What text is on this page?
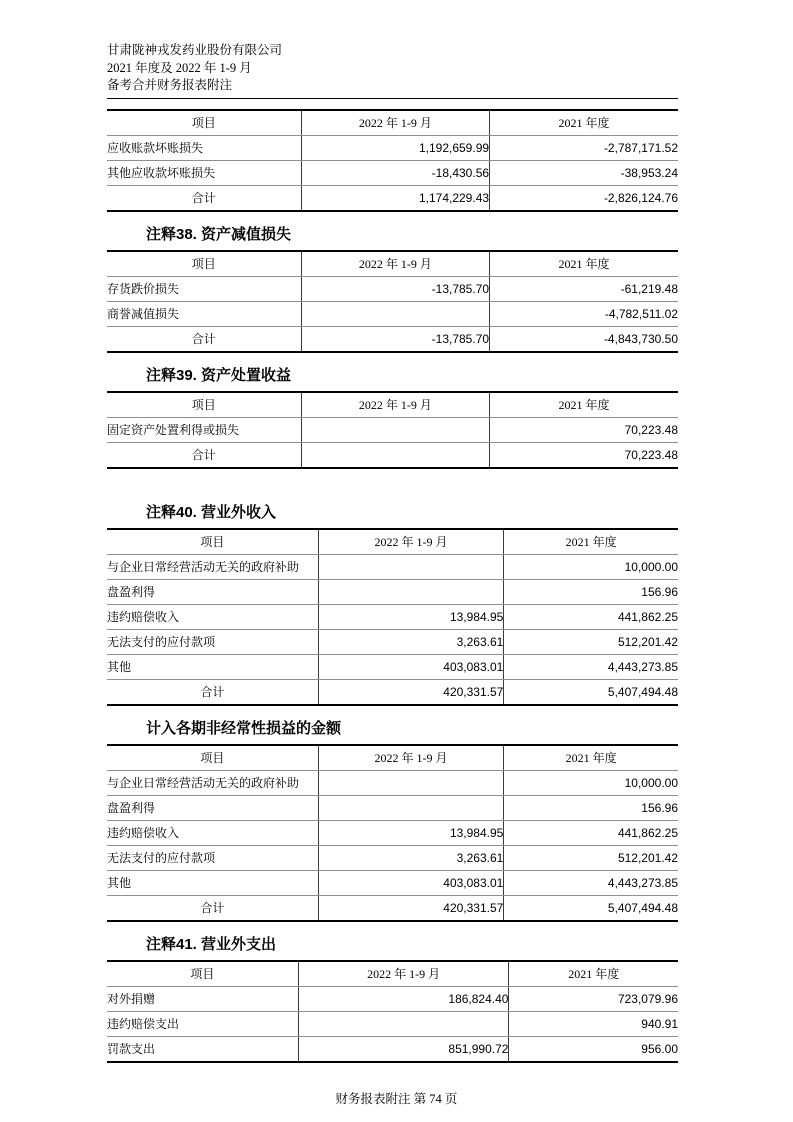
甘肃陇神戎发药业股份有限公司
2021 年度及 2022 年 1-9 月
备考合并财务报表附注
项目	2022 年 1-9 月	2021 年度
应收账款坏账损失	1,192,659.99	-2,787,171.52
其他应收款坏账损失	-18,430.56	-38,953.24
合计	1,174,229.43	-2,826,124.76
注释38. 资产减值损失
项目	2022 年 1-9 月	2021 年度
存货跌价损失	-13,785.70	-61,219.48
商誉减值损失		-4,782,511.02
合计	-13,785.70	-4,843,730.50
注释39. 资产处置收益
项目	2022 年 1-9 月	2021 年度
固定资产处置利得或损失		70,223.48
合计		70,223.48
注释40. 营业外收入
项目	2022 年 1-9 月	2021 年度
与企业日常经营活动无关的政府补助		10,000.00
盘盈利得		156.96
违约赔偿收入	13,984.95	441,862.25
无法支付的应付款项	3,263.61	512,201.42
其他	403,083.01	4,443,273.85
合计	420,331.57	5,407,494.48
计入各期非经常性损益的金额
项目	2022 年 1-9 月	2021 年度
与企业日常经营活动无关的政府补助		10,000.00
盘盈利得		156.96
违约赔偿收入	13,984.95	441,862.25
无法支付的应付款项	3,263.61	512,201.42
其他	403,083.01	4,443,273.85
合计	420,331.57	5,407,494.48
注释41. 营业外支出
项目	2022 年 1-9 月	2021 年度
对外捐赠	186,824.40	723,079.96
违约赔偿支出		940.91
罚款支出	851,990.72	956.00
财务报表附注 第 74 页
